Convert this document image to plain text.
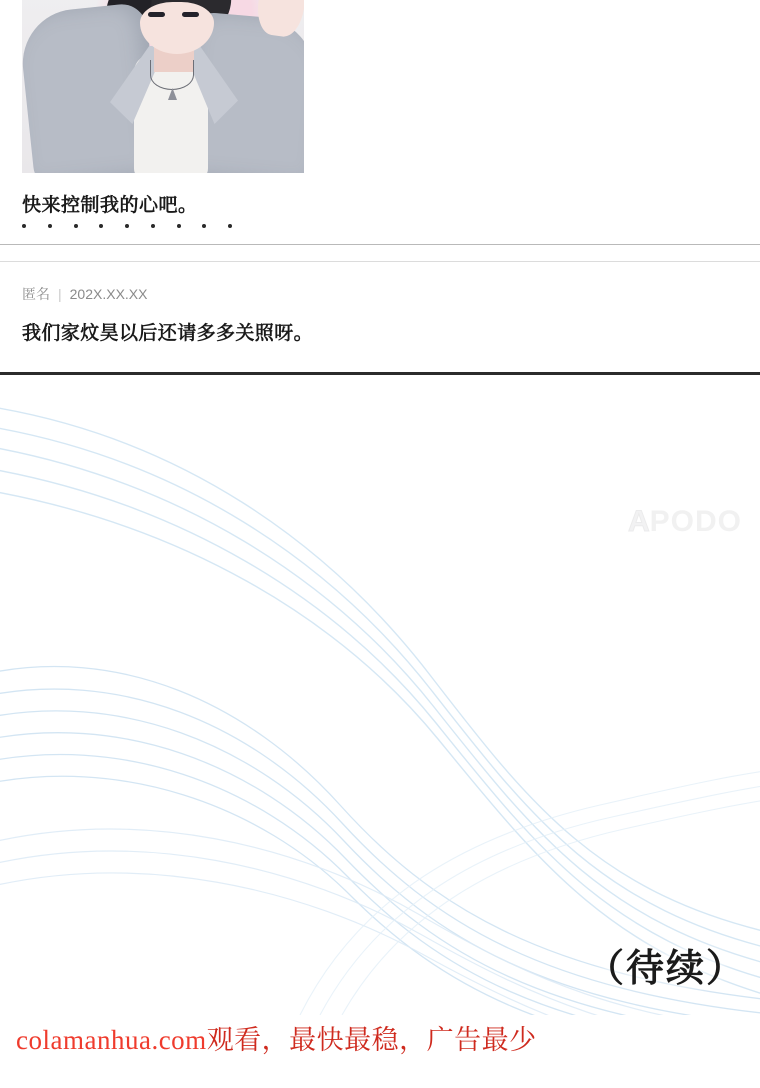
快来控制我的心吧。
匿名 | 202X.XX.XX
我们家炆昊以后还请多多关照呀。
A PODO
（待续）
colamanhua.com观看，最快最稳，广告最少
